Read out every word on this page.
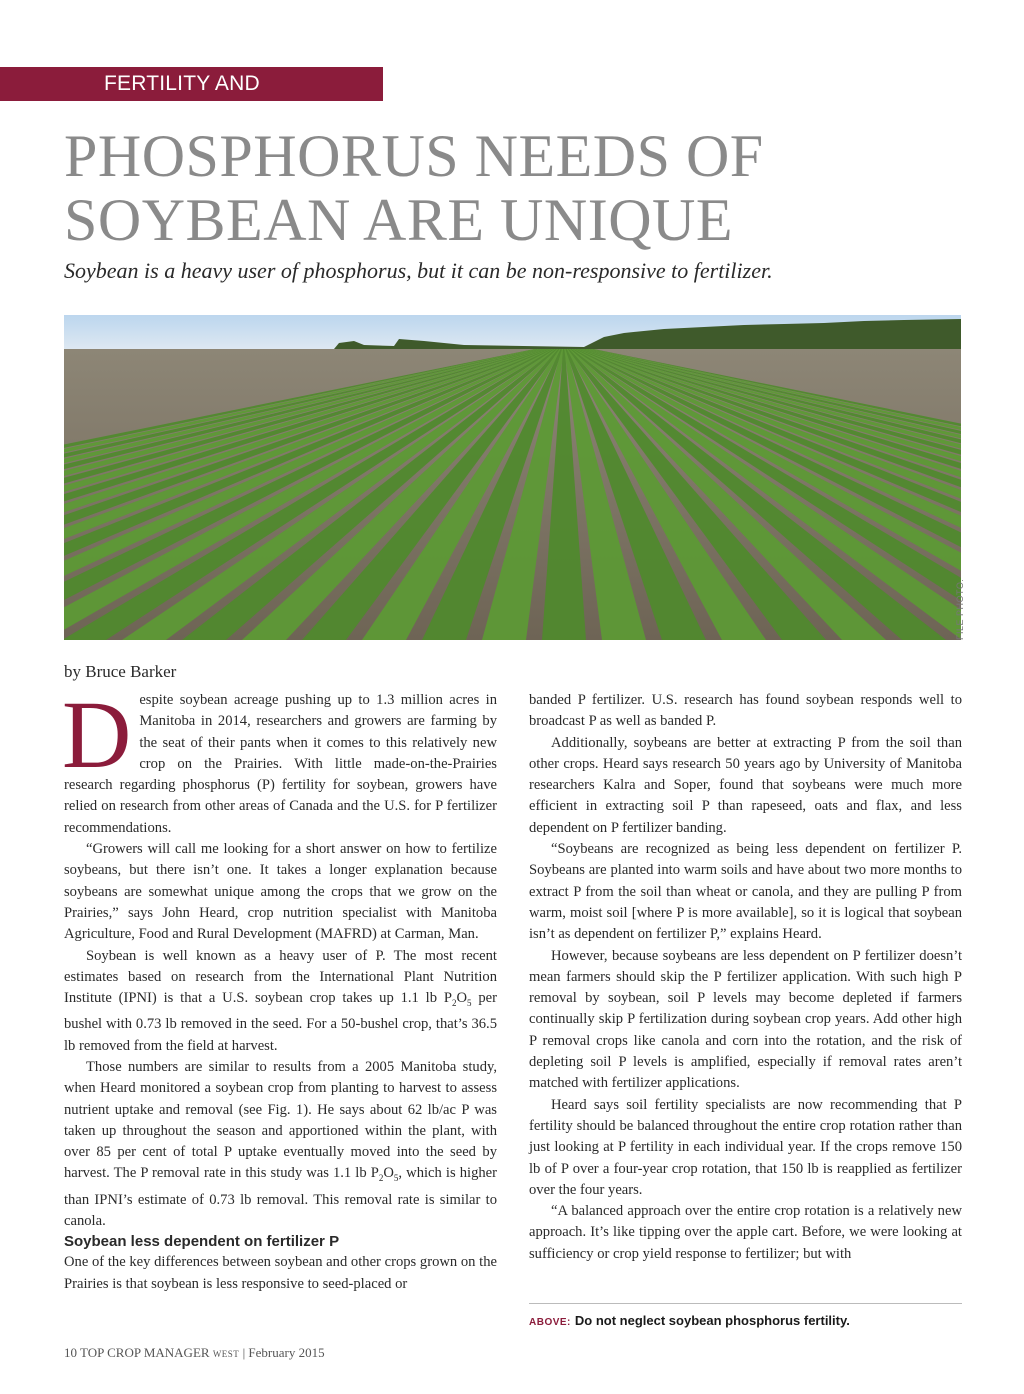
FERTILITY AND NUTRIENTS
PHOSPHORUS NEEDS OF
SOYBEAN ARE UNIQUE

Soybean is a heavy user of phosphorus, but it can be non-responsive to fertilizer.

FILE PHOTO.
by Bruce Barker

Despite soybean acreage pushing up to 1.3 million acres in Manitoba in 2014, researchers and growers are farming by the seat of their pants when it comes to this relatively new crop on the Prairies. With little made-on-the-Prairies research regarding phosphorus (P) fertility for soybean, growers have relied on research from other areas of Canada and the U.S. for P fertilizer recommendations.

“Growers will call me looking for a short answer on how to fertilize soybeans, but there isn’t one. It takes a longer explanation because soybeans are somewhat unique among the crops that we grow on the Prairies,” says John Heard, crop nutrition specialist with Manitoba Agriculture, Food and Rural Development (MAFRD) at Carman, Man.

Soybean is well known as a heavy user of P. The most recent estimates based on research from the International Plant Nutrition Institute (IPNI) is that a U.S. soybean crop takes up 1.1 lb $P_2O_5$ per bushel with 0.73 lb removed in the seed. For a 50-bushel crop, that’s 36.5 lb removed from the field at harvest.

Those numbers are similar to results from a 2005 Manitoba study, when Heard monitored a soybean crop from planting to harvest to assess nutrient uptake and removal (see Fig. 1). He says about 62 lb/ac P was taken up throughout the season and apportioned within the plant, with over 85 per cent of total P uptake eventually moved into the seed by harvest. The P removal rate in this study was 1.1 lb $P_2O_5$, which is higher than IPNI’s estimate of 0.73 lb removal. This removal rate is similar to canola.

Soybean less dependent on fertilizer P

One of the key differences between soybean and other crops grown on the Prairies is that soybean is less responsive to seed-placed or

banded P fertilizer. U.S. research has found soybean responds well to broadcast P as well as banded P.

Additionally, soybeans are better at extracting P from the soil than other crops. Heard says research 50 years ago by University of Manitoba researchers Kalra and Soper, found that soybeans were much more efficient in extracting soil P than rapeseed, oats and flax, and less dependent on P fertilizer banding.

“Soybeans are recognized as being less dependent on fertilizer P. Soybeans are planted into warm soils and have about two more months to extract P from the soil than wheat or canola, and they are pulling P from warm, moist soil [where P is more available], so it is logical that soybean isn’t as dependent on fertilizer P,” explains Heard.

However, because soybeans are less dependent on P fertilizer doesn’t mean farmers should skip the P fertilizer application. With such high P removal by soybean, soil P levels may become depleted if farmers continually skip P fertilization during soybean crop years. Add other high P removal crops like canola and corn into the rotation, and the risk of depleting soil P levels is amplified, especially if removal rates aren’t matched with fertilizer applications.

Heard says soil fertility specialists are now recommending that P fertility should be balanced throughout the entire crop rotation rather than just looking at P fertility in each individual year. If the crops remove 150 lb of P over a four-year crop rotation, that 150 lb is reapplied as fertilizer over the four years.

“A balanced approach over the entire crop rotation is a relatively new approach. It’s like tipping over the apple cart. Before, we were looking at sufficiency or crop yield response to fertilizer; but with

ABOVE: Do not neglect soybean phosphorus fertility.
10 TOP CROP MANAGER WEST | February 2015
